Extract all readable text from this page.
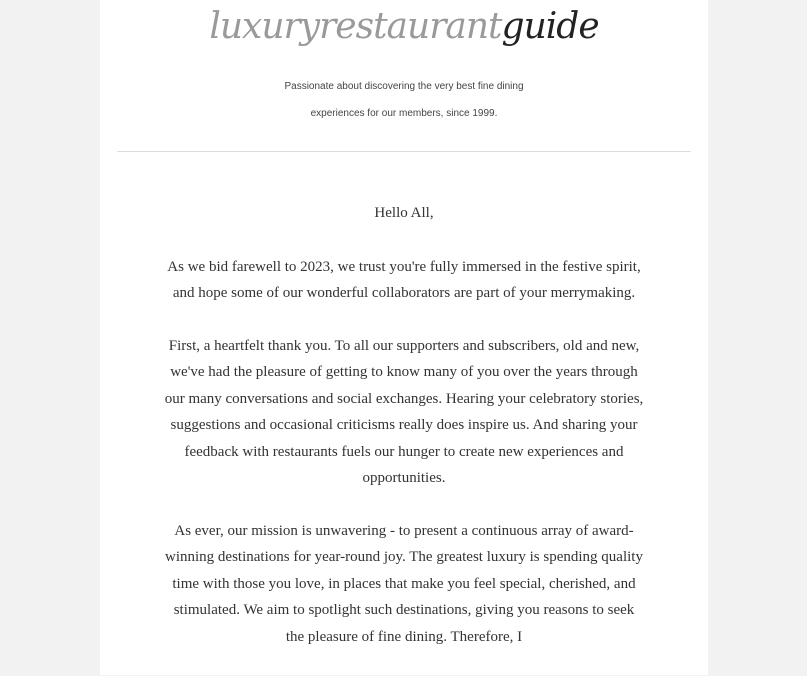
luxuryrestaurantguide
Passionate about discovering the very best fine dining
experiences for our members, since 1999.

Hello All,

As we bid farewell to 2023, we trust you're fully immersed in the festive spirit, and hope some of our wonderful collaborators are part of your merrymaking.

First, a heartfelt thank you. To all our supporters and subscribers, old and new, we've had the pleasure of getting to know many of you over the years through our many conversations and social exchanges. Hearing your celebratory stories, suggestions and occasional criticisms really does inspire us. And sharing your feedback with restaurants fuels our hunger to create new experiences and opportunities.

As ever, our mission is unwavering - to present a continuous array of award-winning destinations for year-round joy. The greatest luxury is spending quality time with those you love, in places that make you feel special, cherished, and stimulated. We aim to spotlight such destinations, giving you reasons to seek the pleasure of fine dining. Therefore, I
